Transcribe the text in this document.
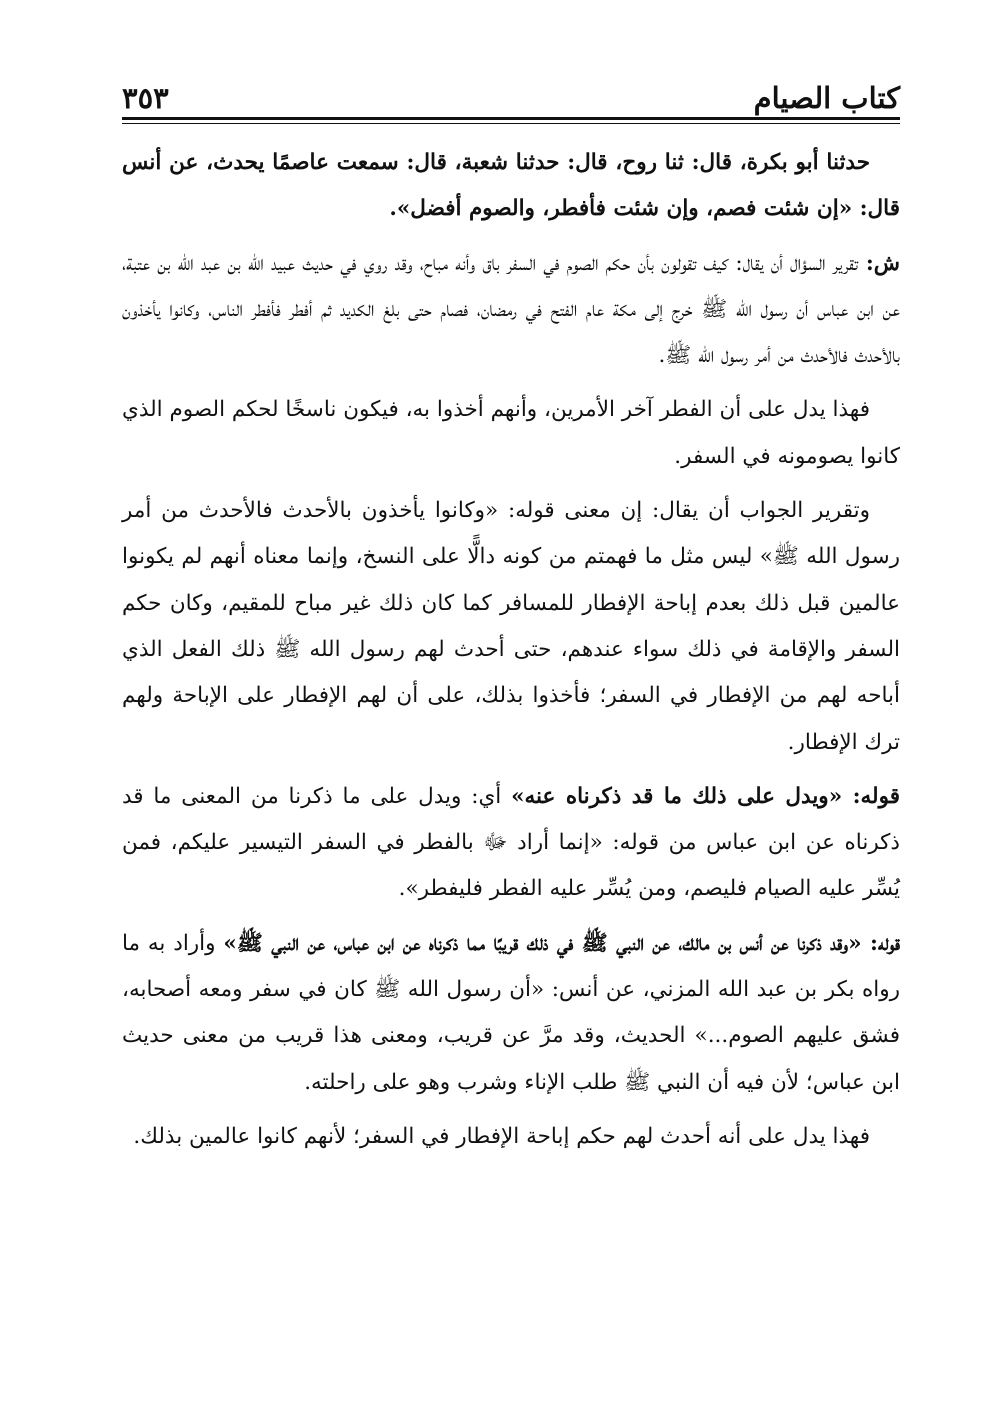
كتاب الصيام
٣٥٣

حدثنا أبو بكرة، قال: ثنا روح، قال: حدثنا شعبة، قال: سمعت عاصمًا يحدث، عن أنس قال: «إن شئت فصم، وإن شئت فأفطر، والصوم أفضل».

ش: تقرير السؤال أن يقال: كيف تقولون بأن حكم الصوم في السفر باق وأنه مباح، وقد روي في حديث عبيد الله بن عبد الله بن عتبة، عن ابن عباس أن رسول الله ﷺ خرج إلى مكة عام الفتح في رمضان، فصام حتى بلغ الكديد ثم أفطر فأفطر الناس، وكانوا يأخذون بالأحدث فالأحدث من أمر رسول الله ﷺ.

فهذا يدل على أن الفطر آخر الأمرين، وأنهم أخذوا به، فيكون ناسخًا لحكم الصوم الذي كانوا يصومونه في السفر.

وتقرير الجواب أن يقال: إن معنى قوله: «وكانوا يأخذون بالأحدث فالأحدث من أمر رسول الله ﷺ» ليس مثل ما فهمتم من كونه دالًّا على النسخ، وإنما معناه أنهم لم يكونوا عالمين قبل ذلك بعدم إباحة الإفطار للمسافر كما كان ذلك غير مباح للمقيم، وكان حكم السفر والإقامة في ذلك سواء عندهم، حتى أحدث لهم رسول الله ﷺ ذلك الفعل الذي أباحه لهم من الإفطار في السفر؛ فأخذوا بذلك، على أن لهم الإفطار على الإباحة ولهم ترك الإفطار.

قوله: «ويدل على ذلك ما قد ذكرناه عنه» أي: ويدل على ما ذكرنا من المعنى ما قد ذكرناه عن ابن عباس من قوله: «إنما أراد ﷻ بالفطر في السفر التيسير عليكم، فمن يُسِّر عليه الصيام فليصم، ومن يُسِّر عليه الفطر فليفطر».

قوله: «وقد ذكرنا عن أنس بن مالك، عن النبي ﷺ في ذلك قريبًا مما ذكرناه عن ابن عباس، عن النبي ﷺ» وأراد به ما رواه بكر بن عبد الله المزني، عن أنس: «أن رسول الله ﷺ كان في سفر ومعه أصحابه، فشق عليهم الصوم...» الحديث، وقد مرَّ عن قريب، ومعنى هذا قريب من معنى حديث ابن عباس؛ لأن فيه أن النبي ﷺ طلب الإناء وشرب وهو على راحلته.

فهذا يدل على أنه أحدث لهم حكم إباحة الإفطار في السفر؛ لأنهم كانوا عالمين بذلك.
